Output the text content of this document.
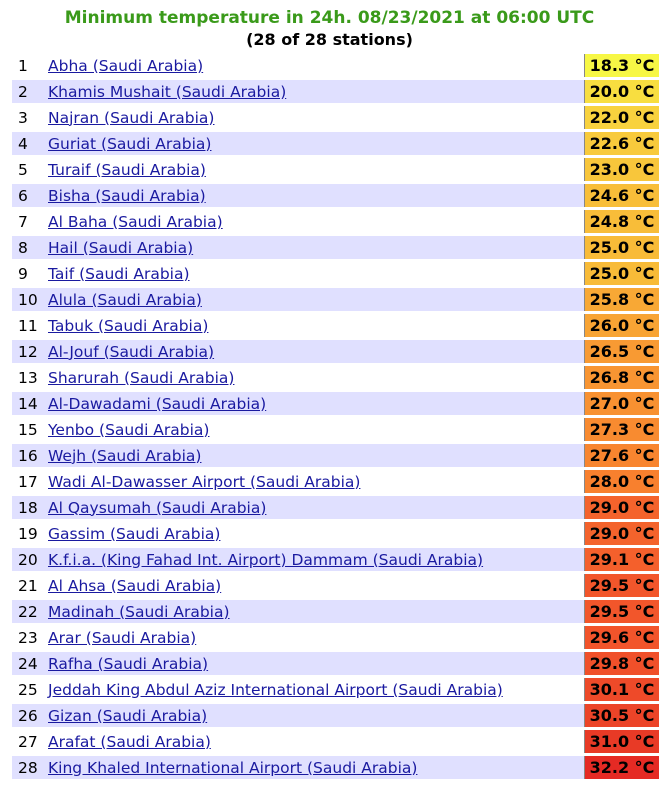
Minimum temperature in 24h. 08/23/2021 at 06:00 UTC
(28 of 28 stations)
1	Abha (Saudi Arabia)	18.3 °C
2	Khamis Mushait (Saudi Arabia)	20.0 °C
3	Najran (Saudi Arabia)	22.0 °C
4	Guriat (Saudi Arabia)	22.6 °C
5	Turaif (Saudi Arabia)	23.0 °C
6	Bisha (Saudi Arabia)	24.6 °C
7	Al Baha (Saudi Arabia)	24.8 °C
8	Hail (Saudi Arabia)	25.0 °C
9	Taif (Saudi Arabia)	25.0 °C
10	Alula (Saudi Arabia)	25.8 °C
11	Tabuk (Saudi Arabia)	26.0 °C
12	Al-Jouf (Saudi Arabia)	26.5 °C
13	Sharurah (Saudi Arabia)	26.8 °C
14	Al-Dawadami (Saudi Arabia)	27.0 °C
15	Yenbo (Saudi Arabia)	27.3 °C
16	Wejh (Saudi Arabia)	27.6 °C
17	Wadi Al-Dawasser Airport (Saudi Arabia)	28.0 °C
18	Al Qaysumah (Saudi Arabia)	29.0 °C
19	Gassim (Saudi Arabia)	29.0 °C
20	K.f.i.a. (King Fahad Int. Airport) Dammam (Saudi Arabia)	29.1 °C
21	Al Ahsa (Saudi Arabia)	29.5 °C
22	Madinah (Saudi Arabia)	29.5 °C
23	Arar (Saudi Arabia)	29.6 °C
24	Rafha (Saudi Arabia)	29.8 °C
25	Jeddah King Abdul Aziz International Airport (Saudi Arabia)	30.1 °C
26	Gizan (Saudi Arabia)	30.5 °C
27	Arafat (Saudi Arabia)	31.0 °C
28	King Khaled International Airport (Saudi Arabia)	32.2 °C
